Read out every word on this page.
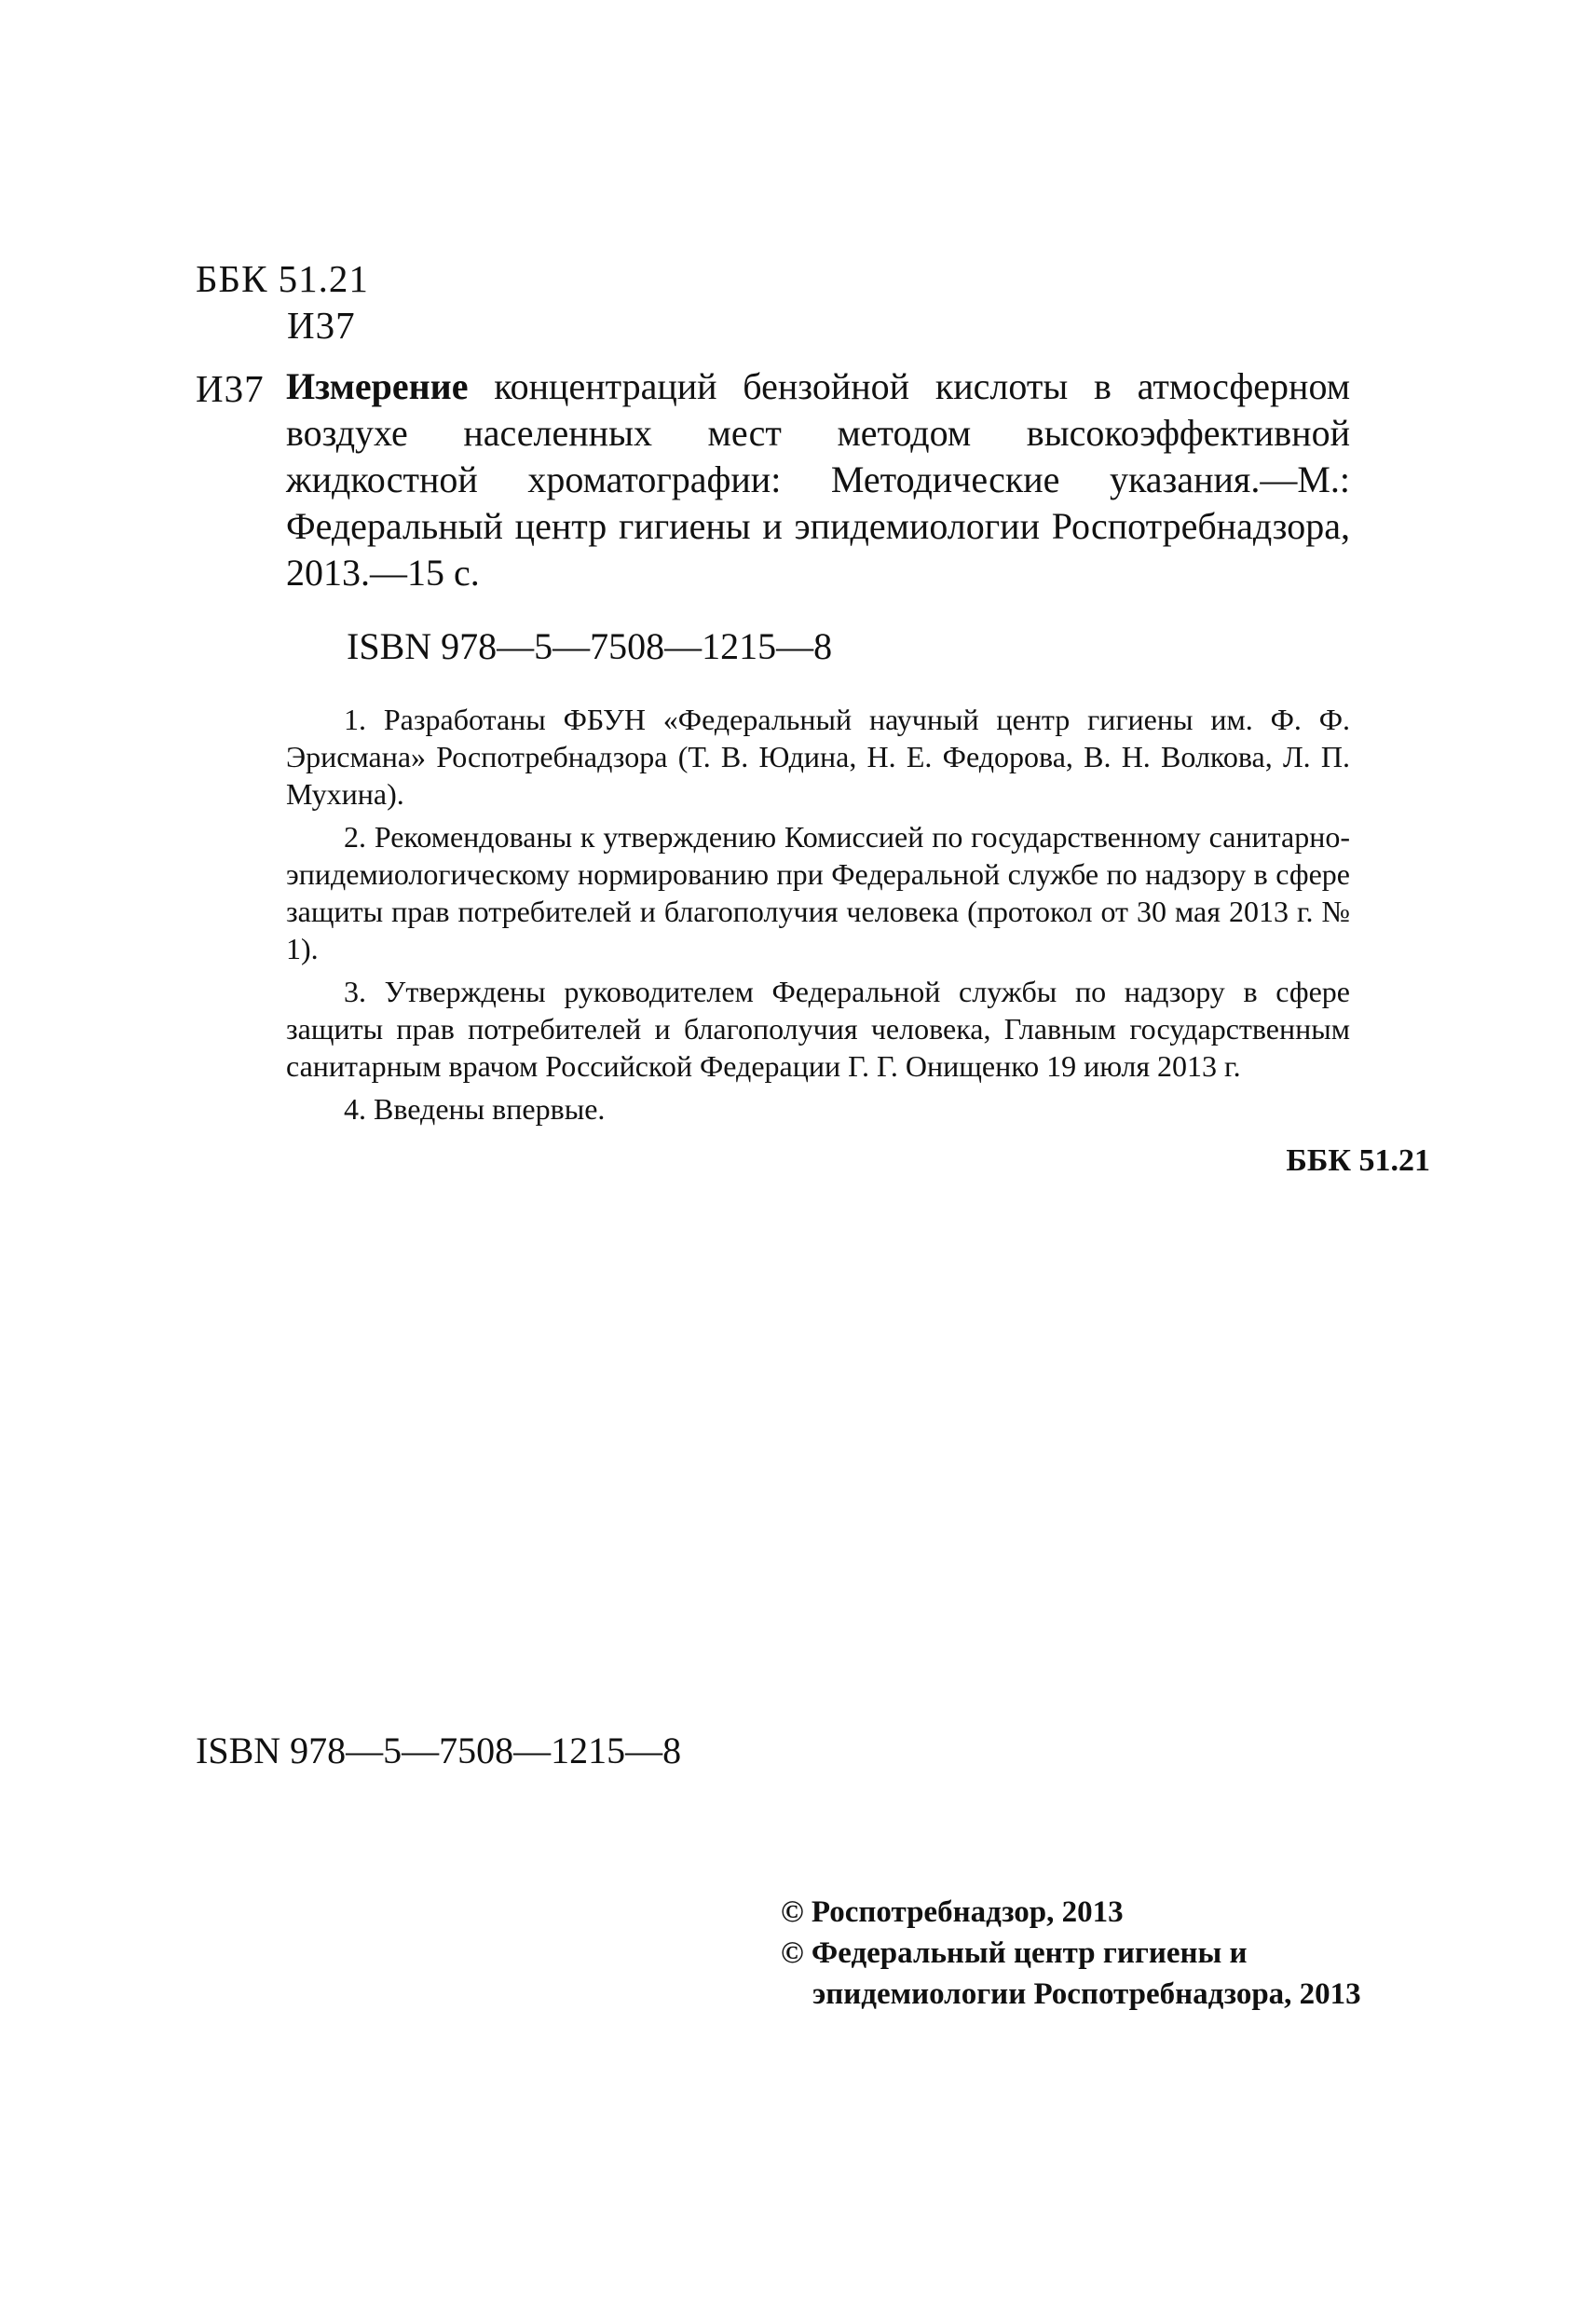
ББК 51.21
И37
И37 Измерение концентраций бензойной кислоты в атмосферном воздухе населенных мест методом высокоэффективной жидкостной хроматографии: Методические указания.—М.: Федеральный центр гигиены и эпидемиологии Роспотребнадзора, 2013.—15 с.
ISBN 978—5—7508—1215—8

1. Разработаны ФБУН «Федеральный научный центр гигиены им. Ф. Ф. Эрисмана» Роспотребнадзора (Т. В. Юдина, Н. Е. Федорова, В. Н. Волкова, Л. П. Мухина).

2. Рекомендованы к утверждению Комиссией по государственному санитарно-эпидемиологическому нормированию при Федеральной службе по надзору в сфере защиты прав потребителей и благополучия человека (протокол от 30 мая 2013 г. № 1).

3. Утверждены руководителем Федеральной службы по надзору в сфере защиты прав потребителей и благополучия человека, Главным государственным санитарным врачом Российской Федерации Г. Г. Онищенко 19 июля 2013 г.

4. Введены впервые.

ББК 51.21
ISBN 978—5—7508—1215—8
© Роспотребнадзор, 2013
© Федеральный центр гигиены и
эпидемиологии Роспотребнадзора, 2013
